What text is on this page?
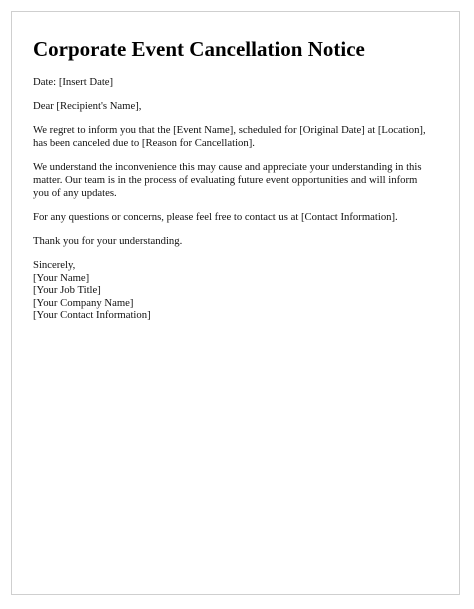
Corporate Event Cancellation Notice

Date: [Insert Date]

Dear [Recipient's Name],

We regret to inform you that the [Event Name], scheduled for [Original Date] at [Location], has been canceled due to [Reason for Cancellation].

We understand the inconvenience this may cause and appreciate your understanding in this matter. Our team is in the process of evaluating future event opportunities and will inform you of any updates.

For any questions or concerns, please feel free to contact us at [Contact Information].

Thank you for your understanding.

Sincerely,

[Your Name]

[Your Job Title]

[Your Company Name]

[Your Contact Information]
